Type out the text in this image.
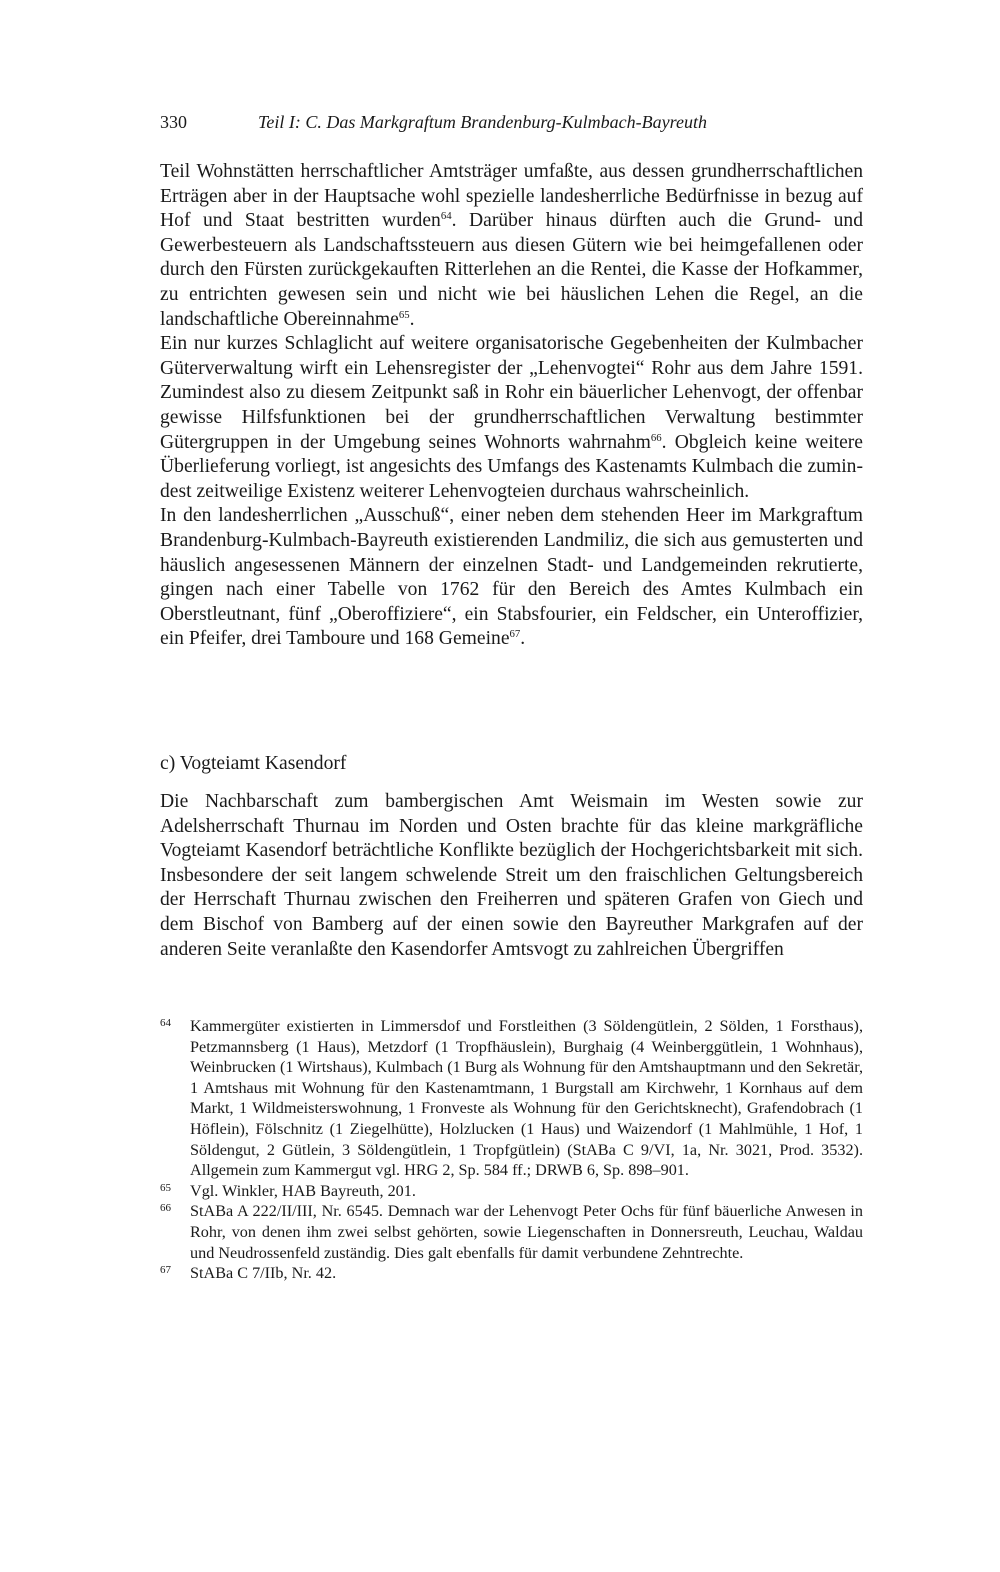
330	Teil I: C. Das Markgraftum Brandenburg-Kulmbach-Bayreuth

Teil Wohnstätten herrschaftlicher Amtsträger umfaßte, aus dessen grundherrschaftlichen Erträgen aber in der Hauptsache wohl spezielle landesherrliche Bedürfnisse in bezug auf Hof und Staat bestritten wurden$^{64}$. Darüber hinaus dürften auch die Grund- und Gewerbesteuern als Landschaftssteuern aus diesen Gütern wie bei heimgefallenen oder durch den Fürsten zurückgekauften Ritterlehen an die Rentei, die Kasse der Hofkammer, zu entrichten gewesen sein und nicht wie bei häuslichen Lehen die Regel, an die landschaftliche Obereinnahme$^{65}$.

Ein nur kurzes Schlaglicht auf weitere organisatorische Gegebenheiten der Kulmbacher Güterverwaltung wirft ein Lehensregister der „Lehenvogtei“ Rohr aus dem Jahre 1591. Zumindest also zu diesem Zeitpunkt saß in Rohr ein bäuerlicher Lehenvogt, der offenbar gewisse Hilfsfunktionen bei der grundherrschaftlichen Verwaltung bestimmter Gütergruppen in der Umgebung seines Wohnorts wahrnahm$^{66}$. Obgleich keine weitere Überlieferung vorliegt, ist angesichts des Umfangs des Kastenamts Kulmbach die zumindest zeitweilige Existenz weiterer Lehenvogteien durchaus wahrscheinlich.

In den landesherrlichen „Ausschuß“, einer neben dem stehenden Heer im Markgraftum Brandenburg-Kulmbach-Bayreuth existierenden Landmiliz, die sich aus gemusterten und häuslich angesessenen Männern der einzelnen Stadt- und Landgemeinden rekrutierte, gingen nach einer Tabelle von 1762 für den Bereich des Amtes Kulmbach ein Oberstleutnant, fünf „Oberoffiziere“, ein Stabsfourier, ein Feldscher, ein Unteroffizier, ein Pfeifer, drei Tamboure und 168 Gemeine$^{67}$.

c) Vogteiamt Kasendorf

Die Nachbarschaft zum bambergischen Amt Weismain im Westen sowie zur Adelsherrschaft Thurnau im Norden und Osten brachte für das kleine markgräfliche Vogteiamt Kasendorf beträchtliche Konflikte bezüglich der Hochgerichtsbarkeit mit sich. Insbesondere der seit langem schwelende Streit um den fraischlichen Geltungsbereich der Herrschaft Thurnau zwischen den Freiherren und späteren Grafen von Giech und dem Bischof von Bamberg auf der einen sowie den Bayreuther Markgrafen auf der anderen Seite veranlaßte den Kasendorfer Amtsvogt zu zahlreichen Übergriffen

64 Kammergüter existierten in Limmersdof und Forstleithen (3 Söldengütlein, 2 Sölden, 1 Forsthaus), Petzmannsberg (1 Haus), Metzdorf (1 Tropfhäuslein), Burghaig (4 Weinberggütlein, 1 Wohnhaus), Weinbrucken (1 Wirtshaus), Kulmbach (1 Burg als Wohnung für den Amtshauptmann und den Sekretär, 1 Amtshaus mit Wohnung für den Kastenamtmann, 1 Burgstall am Kirchwehr, 1 Kornhaus auf dem Markt, 1 Wildmeisterswohnung, 1 Fronveste als Wohnung für den Gerichtsknecht), Grafendobrach (1 Höflein), Fölschnitz (1 Ziegelhütte), Holzlucken (1 Haus) und Waizendorf (1 Mahlmühle, 1 Hof, 1 Söldengut, 2 Gütlein, 3 Söldengütlein, 1 Tropfgütlein) (StABa C 9/VI, 1a, Nr. 3021, Prod. 3532). Allgemein zum Kammergut vgl. HRG 2, Sp. 584 ff.; DRWB 6, Sp. 898–901.

65 Vgl. Winkler, HAB Bayreuth, 201.

66 StABa A 222/II/III, Nr. 6545. Demnach war der Lehenvogt Peter Ochs für fünf bäuerliche Anwesen in Rohr, von denen ihm zwei selbst gehörten, sowie Liegenschaften in Donnersreuth, Leuchau, Waldau und Neudrossenfeld zuständig. Dies galt ebenfalls für damit verbundene Zehntrechte.

67 StABa C 7/IIb, Nr. 42.
